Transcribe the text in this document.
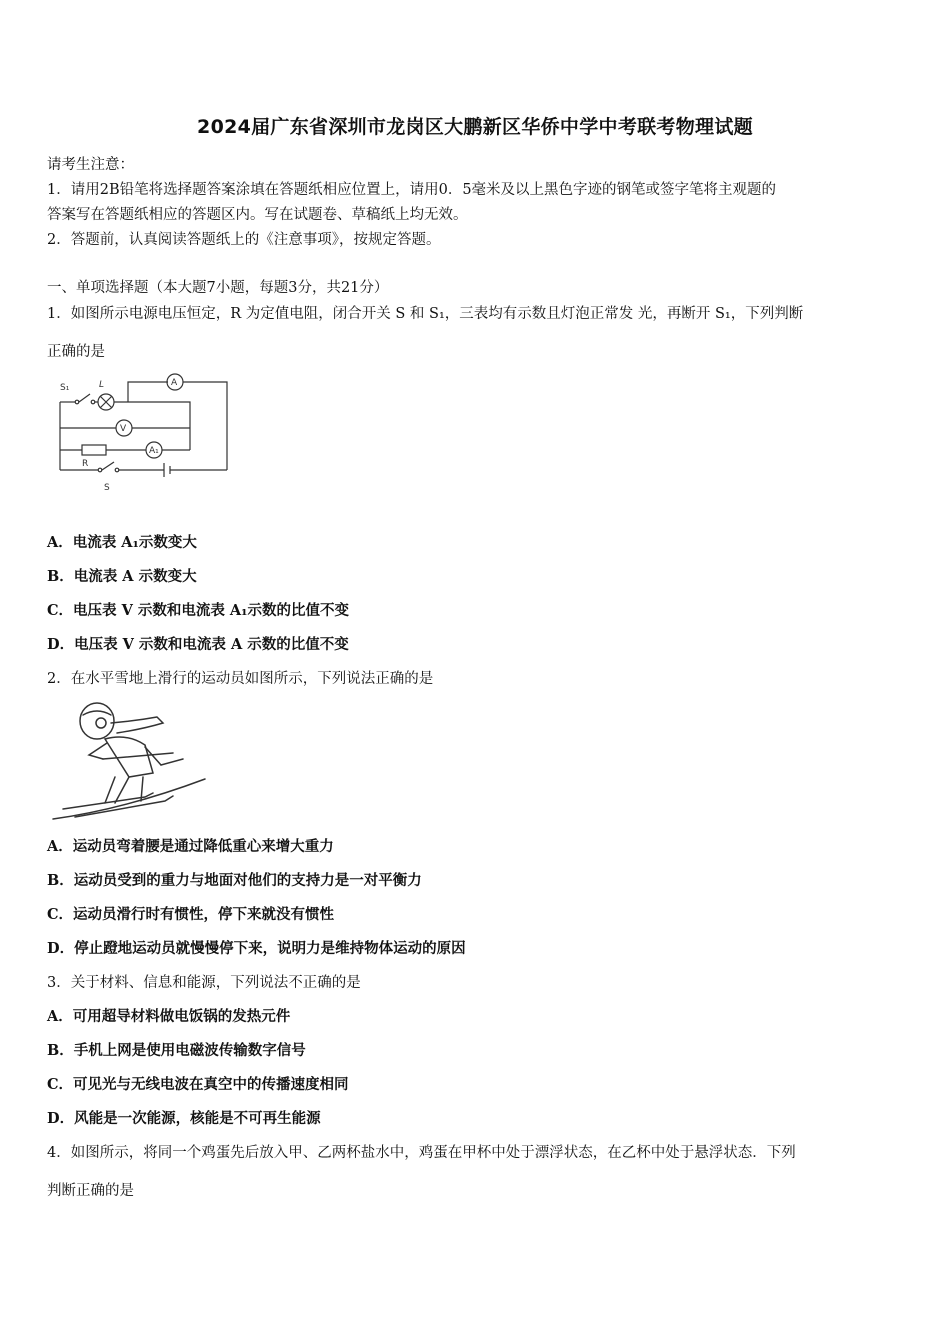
2024届广东省深圳市龙岗区大鹏新区华侨中学中考联考物理试题
请考生注意：
1．请用2B铅笔将选择题答案涂填在答题纸相应位置上，请用0．5毫米及以上黑色字迹的钢笔或签字笔将主观题的
答案写在答题纸相应的答题区内。写在试题卷、草稿纸上均无效。
2．答题前，认真阅读答题纸上的《注意事项》，按规定答题。
一、单项选择题（本大题7小题，每题3分，共21分）
1．如图所示电源电压恒定，R 为定值电阻，闭合开关 S 和 S₁，三表均有示数且灯泡正常发 光，再断开 S₁，下列判断
正确的是
S₁	L	A
V
A₁
R
S
A．电流表 A₁示数变大
B．电流表 A 示数变大
C．电压表 V 示数和电流表 A₁示数的比值不变
D．电压表 V 示数和电流表 A 示数的比值不变
2．在水平雪地上滑行的运动员如图所示，下列说法正确的是
A．运动员弯着腰是通过降低重心来增大重力
B．运动员受到的重力与地面对他们的支持力是一对平衡力
C．运动员滑行时有惯性，停下来就没有惯性
D．停止蹬地运动员就慢慢停下来，说明力是维持物体运动的原因
3．关于材料、信息和能源，下列说法不正确的是
A．可用超导材料做电饭锅的发热元件
B．手机上网是使用电磁波传输数字信号
C．可见光与无线电波在真空中的传播速度相同
D．风能是一次能源，核能是不可再生能源
4．如图所示，将同一个鸡蛋先后放入甲、乙两杯盐水中，鸡蛋在甲杯中处于漂浮状态，在乙杯中处于悬浮状态．下列
判断正确的是
